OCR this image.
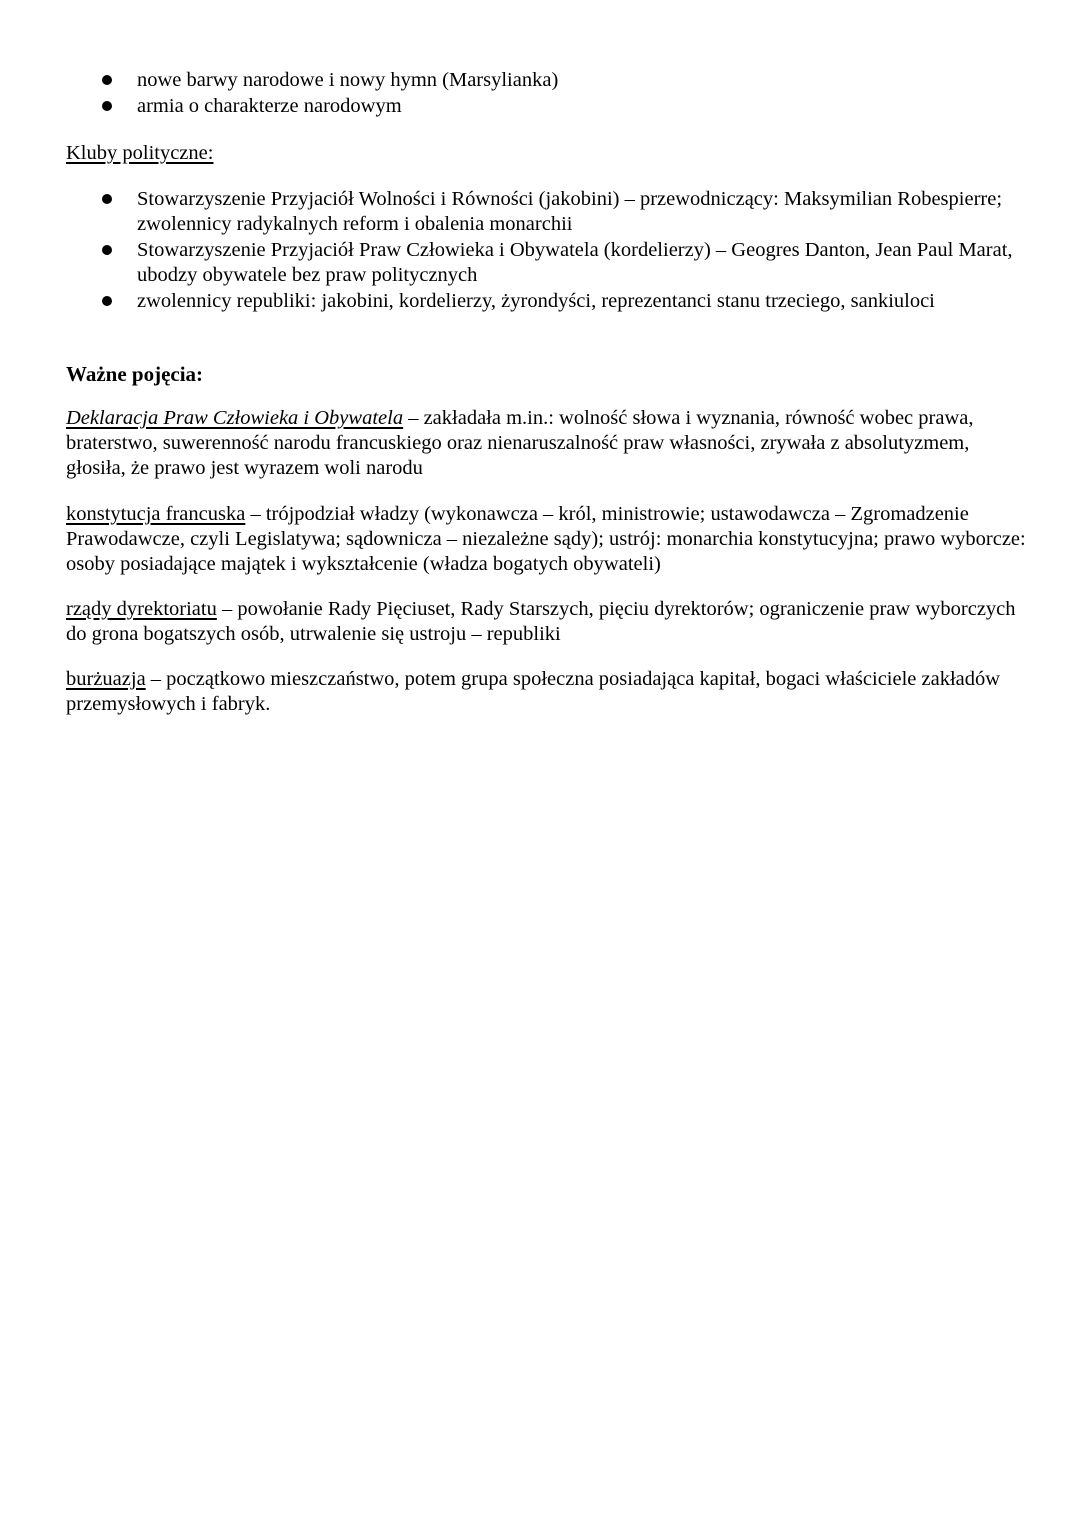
nowe barwy narodowe i nowy hymn (Marsylianka)
armia o charakterze narodowym
Kluby polityczne:
Stowarzyszenie Przyjaciół Wolności i Równości (jakobini) – przewodniczący: Maksymilian Robespierre; zwolennicy radykalnych reform i obalenia monarchii
Stowarzyszenie Przyjaciół Praw Człowieka i Obywatela (kordelierzy) – Geogres Danton, Jean Paul Marat, ubodzy obywatele bez praw politycznych
zwolennicy republiki: jakobini, kordelierzy, żyrondyści, reprezentanci stanu trzeciego, sankiuloci
Ważne pojęcia:

Deklaracja Praw Człowieka i Obywatela – zakładała m.in.: wolność słowa i wyznania, równość wobec prawa, braterstwo, suwerenność narodu francuskiego oraz nienaruszalność praw własności, zrywała z absolutyzmem, głosiła, że prawo jest wyrazem woli narodu

konstytucja francuska – trójpodział władzy (wykonawcza – król, ministrowie; ustawodawcza – Zgromadzenie Prawodawcze, czyli Legislatywa; sądownicza – niezależne sądy); ustrój: monarchia konstytucyjna; prawo wyborcze: osoby posiadające majątek i wykształcenie (władza bogatych obywateli)

rządy dyrektoriatu – powołanie Rady Pięciuset, Rady Starszych, pięciu dyrektorów; ograniczenie praw wyborczych do grona bogatszych osób, utrwalenie się ustroju – republiki

burżuazja – początkowo mieszczaństwo, potem grupa społeczna posiadająca kapitał, bogaci właściciele zakładów przemysłowych i fabryk.
